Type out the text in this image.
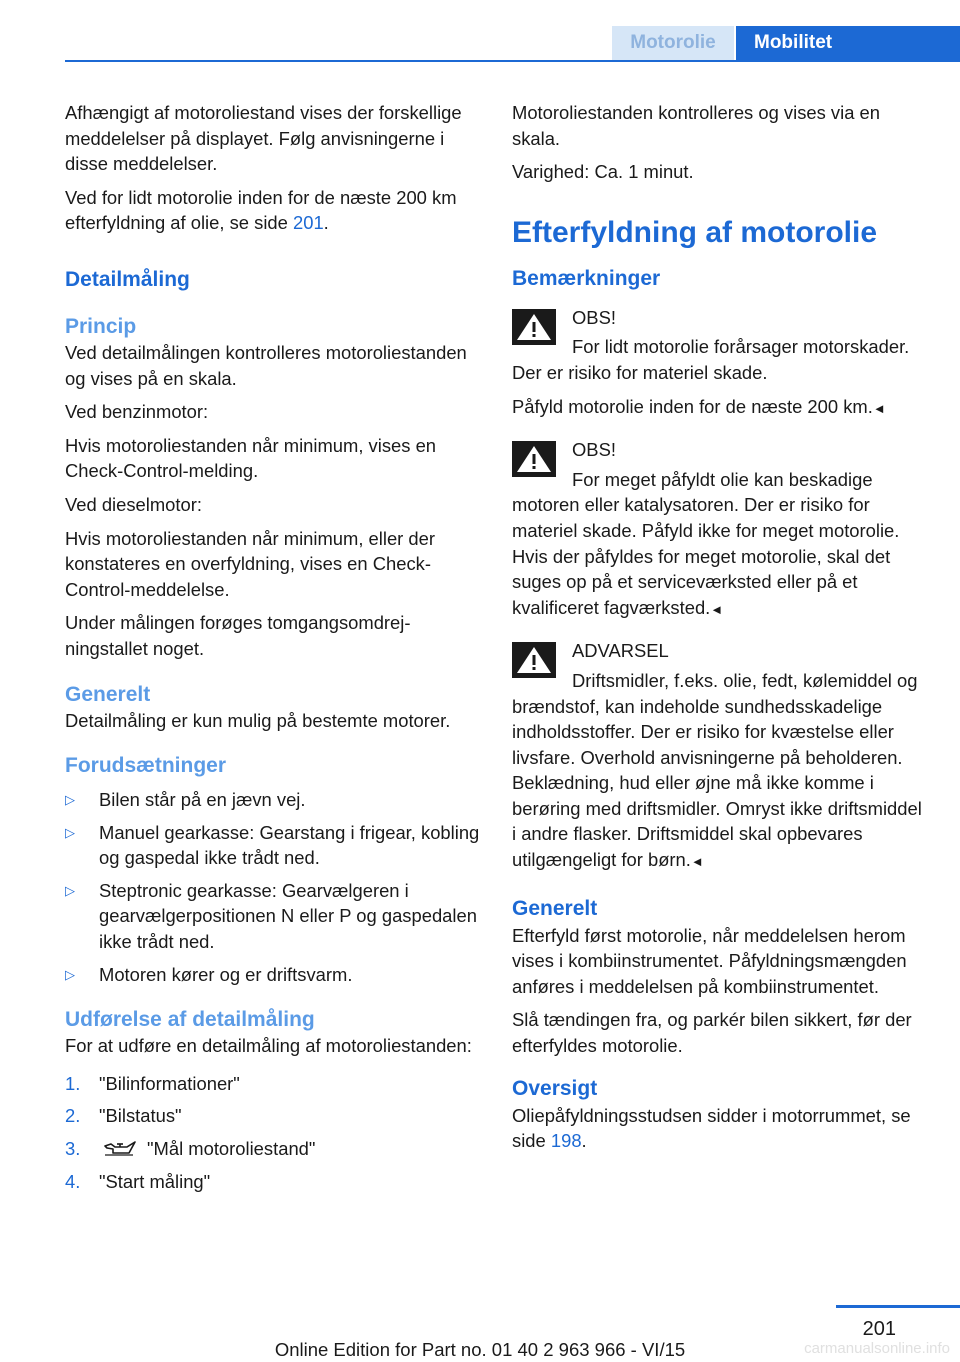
Motorolie	Mobilitet

Afhængigt af motoroliestand vises der forskellige meddelelser på displayet. Følg anvisningerne i disse meddelelser.

Ved for lidt motorolie inden for de næste 200 km efterfyldning af olie, se side 201.

Detailmåling
Princip

Ved detailmålingen kontrolleres motoroliestanden og vises på en skala.

Ved benzinmotor:

Hvis motoroliestanden når minimum, vises en Check-Control-melding.

Ved dieselmotor:

Hvis motoroliestanden når minimum, eller der konstateres en overfyldning, vises en Check-Control-meddelelse.

Under målingen forøges tomgangsomdrejningstallet noget.

Generelt

Detailmåling er kun mulig på bestemte motorer.

Forudsætninger
▷ Bilen står på en jævn vej.
▷ Manuel gearkasse: Gearstang i frigear, kobling og gaspedal ikke trådt ned.
▷ Steptronic gearkasse: Gearvælgeren i gearvælgerpositionen N eller P og gaspedalen ikke trådt ned.
▷ Motoren kører og er driftsvarm.
Udførelse af detailmåling

For at udføre en detailmåling af motoroliestanden:

1. "Bilinformationer"
2. "Bilstatus"
3.	"Mål motoroliestand"
4. "Start måling"

Motoroliestanden kontrolleres og vises via en skala.

Varighed: Ca. 1 minut.

Efterfyldning af motorolie
Bemærkninger

OBS!

For lidt motorolie forårsager motorskader. Der er risiko for materiel skade.

Påfyld motorolie inden for de næste 200 km.◄

OBS!

For meget påfyldt olie kan beskadige motoren eller katalysatoren. Der er risiko for materiel skade. Påfyld ikke for meget motorolie. Hvis der påfyldes for meget motorolie, skal det suges op på et serviceværksted eller på et kvalificeret fagværksted.◄

ADVARSEL

Driftsmidler, f.eks. olie, fedt, kølemiddel og brændstof, kan indeholde sundhedsskadelige indholdsstoffer. Der er risiko for kvæstelse eller livsfare. Overhold anvisningerne på beholderen. Beklædning, hud eller øjne må ikke komme i berøring med driftsmidler. Omryst ikke driftsmiddel i andre flasker. Driftsmiddel skal opbevares utilgængeligt for børn.◄

Generelt

Efterfyld først motorolie, når meddelelsen herom vises i kombiinstrumentet. Påfyldningsmængden anføres i meddelelsen på kombiinstrumentet.

Slå tændingen fra, og parkér bilen sikkert, før der efterfyldes motorolie.

Oversigt

Oliepåfyldningsstudsen sidder i motorrummet, se side 198.

201
Online Edition for Part no. 01 40 2 963 966 - VI/15	carmanualsonline.info
